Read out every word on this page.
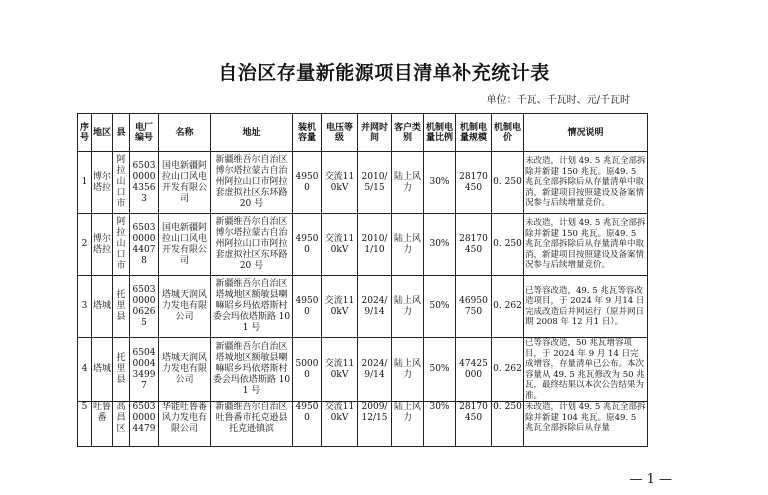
自治区存量新能源项目清单补充统计表
单位：千瓦、千瓦时、元/千瓦时
序号	地区	县	电厂编号	名称	地址	装机容量	电压等级	并网时间	客户类别	机制电量比例	机制电量规模	机制电价	情况说明
1	博尔塔拉	阿拉山口市	650300004356 3	国电新疆阿拉山口风电开发有限公司	新疆维吾尔自治区博尔塔拉蒙古自治州阿拉山口市阿拉套虚拟社区东环路 20 号	49500	交流110kV	2010/5/15	陆上风力	30%	28170450	0. 250	未改造，计划 49. 5 兆瓦全部拆除并新建 150 兆瓦。原49. 5 兆瓦全部拆除后从存量清单中取消，新建项目按照建设及备案情况参与后续增量竞价。
2	博尔塔拉	阿拉山口市	650300004407 8	国电新疆阿拉山口风电开发有限公司	新疆维吾尔自治区博尔塔拉蒙古自治州阿拉山口市阿拉套虚拟社区东环路 20 号	49500	交流110kV	2010/1/10	陆上风力	30%	28170450	0. 250	未改造，计划 49. 5 兆瓦全部拆除并新建 150 兆瓦。原49. 5 兆瓦全部拆除后从存量清单中取消，新建项目按照建设及备案情况参与后续增量竞价。
3	塔城	托里县	650300000626 5	塔城天润风力发电有限公司	新疆维吾尔自治区塔城地区额敏县喇嘛昭乡玛依塔斯村委会玛依塔斯路 101 号	49500	交流110kV	2024/9/14	陆上风力	50%	46950750	0. 262	已等容改造，49. 5 兆瓦等容改造项目，于 2024 年 9 月14 日完成改造后并网运行（原并网日期 2008 年 12 月1 日）。
4	塔城	托里县	650400043499 7	塔城天润风力发电有限公司	新疆维吾尔自治区塔城地区额敏县喇嘛昭乡玛依塔斯村委会玛依塔斯路 101 号	50000	交流110kV	2024/9/14	陆上风力	50%	47425000	0. 262	已等容改造，50 兆瓦增容项目，于 2024 年 9 月 14 日完成增容，存量清单已公布。本次容量从 49. 5 兆瓦修改为 50 兆瓦，最终结果以本次公告结果为准。
5	吐鲁番	高昌区	650300004479	华能吐鲁番风力发电有限公司	新疆维吾尔自治区吐鲁番市托克逊县托克逊镇滨	49500	交流110kV	2009/12/15	陆上风力	30%	28170450	0. 250	未改造，计划 49. 5 兆瓦全部拆除并新建 104 兆瓦。原49. 5 兆瓦全部拆除后从存量
— 1 —
